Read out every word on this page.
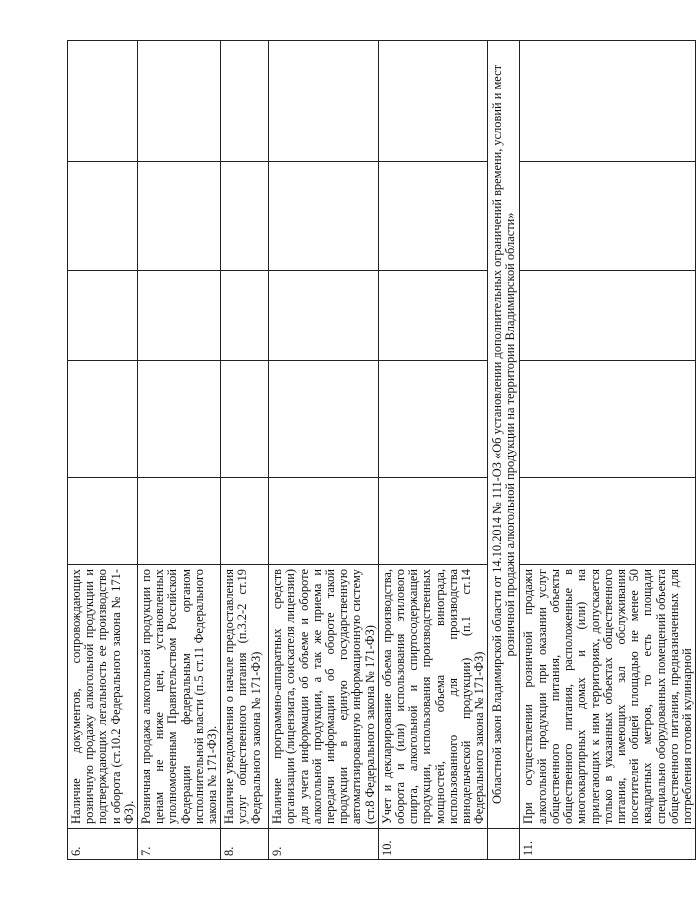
6.	Наличие документов, сопровождающих розничную продажу алкогольной продукции и подтверждающих легальность ее производство и оборота (ст.10.2 Федерального закона № 171-ФЗ).					
7.	Розничная продажа алкогольной продукции по ценам не ниже цен, установленных уполномоченным Правительством Российской Федерации федеральным органом исполнительной власти (п.5 ст.11 Федерального закона № 171-ФЗ).					
8.	Наличие уведомления о начале предоставления услуг общественного питания (п.3.2-2 ст.19 Федерального закона № 171-ФЗ)					
9.	Наличие программно-аппаратных средств организации (лицензиата, соискателя лицензии) для учета информации об объеме и обороте алкогольной продукции, а так же приема и передачи информации об обороте такой продукции в единую государственную автоматизированную информационную систему (ст.8 Федерального закона № 171-ФЗ)					
10.	Учет и декларирование объема производства, оборота и (или) использования этилового спирта, алкогольной и спиртосодержащей продукции, использования производственных мощностей, объема винограда, использованного для производства винодельческой продукции) (п.1 ст.14 Федерального закона № 171-ФЗ)					
	Областной закон Владимирской области от 14.10.2014 № 111-ОЗ «Об установлении дополнительных ограничений времени, условий и мест розничной продажи алкогольной продукции на территории Владимирской области»					
11.	При осуществлении розничной продажи алкогольной продукции при оказании услуг общественного питания, объекты общественного питания, расположенные в многоквартирных домах и (или) на прилегающих к ним территориях, допускается только в указанных объектах общественного питания, имеющих зал обслуживания посетителей общей площадью не менее 50 квадратных метров, то есть площади специально оборудованных помещений объекта общественного питания, предназначенных для потребления готовой кулинарной					
